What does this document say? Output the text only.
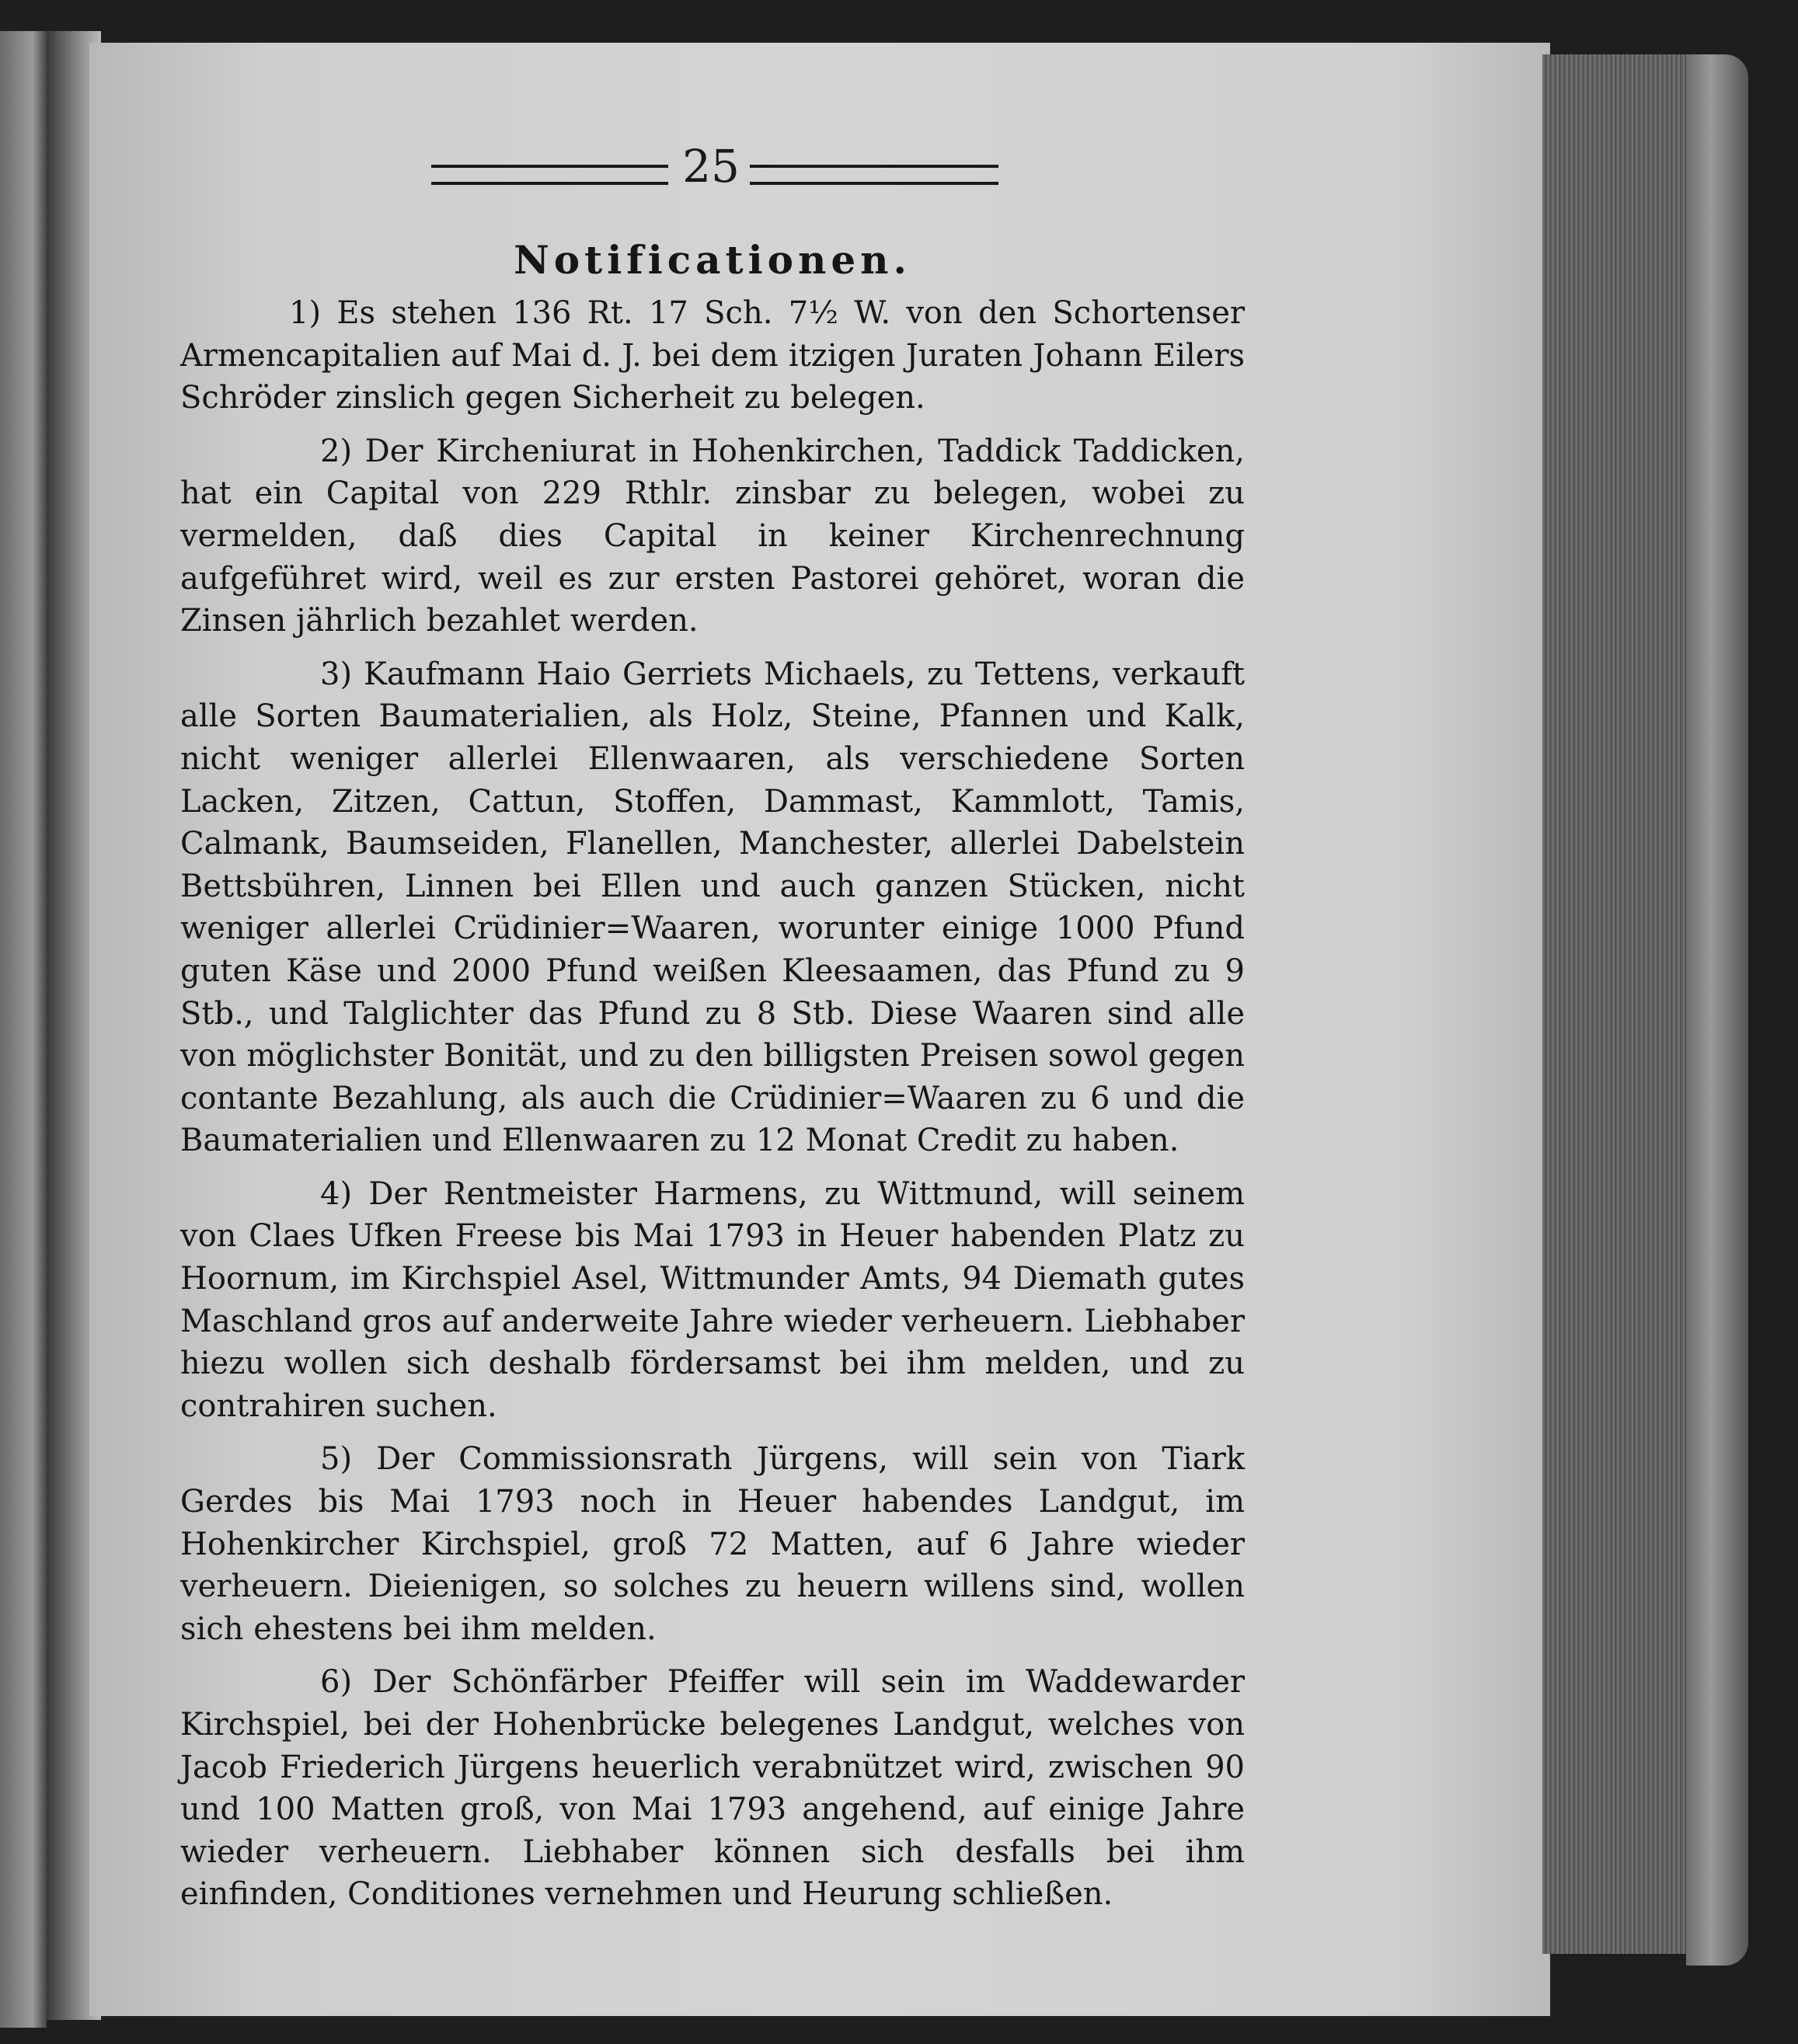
25
Notificationen.

1) Es stehen 136 Rt. 17 Sch. 7½ W. von den Schortenser Armencapitalien auf Mai d. J. bei dem itzigen Juraten Johann Eilers Schröder zinslich gegen Sicherheit zu belegen.

2) Der Kircheniurat in Hohenkirchen, Taddick Taddicken, hat ein Capital von 229 Rthlr. zinsbar zu belegen, wobei zu vermelden, daß dies Capital in keiner Kirchenrechnung aufgeführet wird, weil es zur ersten Pastorei gehöret, woran die Zinsen jährlich bezahlet werden.

3) Kaufmann Haio Gerriets Michaels, zu Tettens, verkauft alle Sorten Baumaterialien, als Holz, Steine, Pfannen und Kalk, nicht weniger allerlei Ellenwaaren, als verschiedene Sorten Lacken, Zitzen, Cattun, Stoffen, Dammast, Kammlott, Tamis, Calmank, Baumseiden, Flanellen, Manchester, allerlei Dabelstein Bettsbühren, Linnen bei Ellen und auch ganzen Stücken, nicht weniger allerlei Crüdinier=Waaren, worunter einige 1000 Pfund guten Käse und 2000 Pfund weißen Kleesaamen, das Pfund zu 9 Stb., und Talglichter das Pfund zu 8 Stb. Diese Waaren sind alle von möglichster Bonität, und zu den billigsten Preisen sowol gegen contante Bezahlung, als auch die Crüdinier=Waaren zu 6 und die Baumaterialien und Ellenwaaren zu 12 Monat Credit zu haben.

4) Der Rentmeister Harmens, zu Wittmund, will seinem von Claes Ufken Freese bis Mai 1793 in Heuer habenden Platz zu Hoornum, im Kirchspiel Asel, Wittmunder Amts, 94 Diemath gutes Maschland gros auf anderweite Jahre wieder verheuern. Liebhaber hiezu wollen sich deshalb fördersamst bei ihm melden, und zu contrahiren suchen.

5) Der Commissionsrath Jürgens, will sein von Tiark Gerdes bis Mai 1793 noch in Heuer habendes Landgut, im Hohenkircher Kirchspiel, groß 72 Matten, auf 6 Jahre wieder verheuern. Dieienigen, so solches zu heuern willens sind, wollen sich ehestens bei ihm melden.

6) Der Schönfärber Pfeiffer will sein im Waddewarder Kirchspiel, bei der Hohenbrücke belegenes Landgut, welches von Jacob Friederich Jürgens heuerlich verabnützet wird, zwischen 90 und 100 Matten groß, von Mai 1793 angehend, auf einige Jahre wieder verheuern. Liebhaber können sich desfalls bei ihm einfinden, Conditiones vernehmen und Heurung schließen.
